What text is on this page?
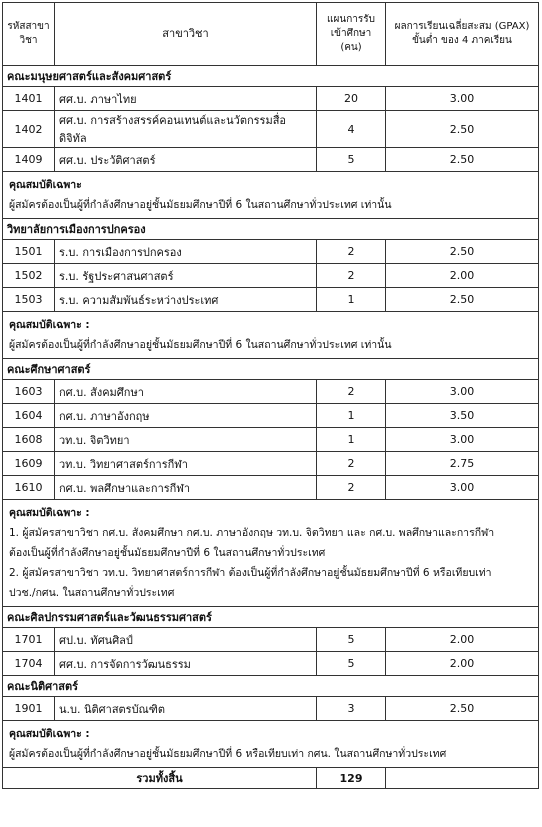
รหัสสาขาวิชา	สาขาวิชา	แผนการรับเข้าศึกษา (คน)	ผลการเรียนเฉลี่ยสะสม (GPAX) ขั้นต่ำ ของ 4 ภาคเรียน
คณะมนุษยศาสตร์และสังคมศาสตร์			
1401	ศศ.บ. ภาษาไทย	20	3.00
1402	ศศ.บ. การสร้างสรรค์คอนเทนต์และนวัตกรรมสื่อดิจิทัล	4	2.50
1409	ศศ.บ. ประวัติศาสตร์	5	2.50

คุณสมบัติเฉพาะ
ผู้สมัครต้องเป็นผู้ที่กำลังศึกษาอยู่ชั้นมัธยมศึกษาปีที่ 6 ในสถานศึกษาทั่วประเทศ เท่านั้น			

วิทยาลัยการเมืองการปกครอง			
1501	ร.บ. การเมืองการปกครอง	2	2.50
1502	ร.บ. รัฐประศาสนศาสตร์	2	2.00
1503	ร.บ. ความสัมพันธ์ระหว่างประเทศ	1	2.50

คุณสมบัติเฉพาะ :
ผู้สมัครต้องเป็นผู้ที่กำลังศึกษาอยู่ชั้นมัธยมศึกษาปีที่ 6 ในสถานศึกษาทั่วประเทศ เท่านั้น			

คณะศึกษาศาสตร์			
1603	กศ.บ. สังคมศึกษา	2	3.00
1604	กศ.บ. ภาษาอังกฤษ	1	3.50
1608	วท.บ. จิตวิทยา	1	3.00
1609	วท.บ. วิทยาศาสตร์การกีฬา	2	2.75
1610	กศ.บ. พลศึกษาและการกีฬา	2	3.00

คุณสมบัติเฉพาะ :
1. ผู้สมัครสาขาวิชา กศ.บ. สังคมศึกษา กศ.บ. ภาษาอังกฤษ วท.บ. จิตวิทยา และ กศ.บ. พลศึกษาและการกีฬา
ต้องเป็นผู้ที่กำลังศึกษาอยู่ชั้นมัธยมศึกษาปีที่ 6 ในสถานศึกษาทั่วประเทศ
2. ผู้สมัครสาขาวิชา วท.บ. วิทยาศาสตร์การกีฬา ต้องเป็นผู้ที่กำลังศึกษาอยู่ชั้นมัธยมศึกษาปีที่ 6 หรือเทียบเท่า
ปวช./กศน. ในสถานศึกษาทั่วประเทศ			

คณะศิลปกรรมศาสตร์และวัฒนธรรมศาสตร์			
1701	ศป.บ. ทัศนศิลป์	5	2.00
1704	ศศ.บ. การจัดการวัฒนธรรม	5	2.00
คณะนิติศาสตร์			
1901	น.บ. นิติศาสตรบัณฑิต	3	2.50

คุณสมบัติเฉพาะ :
ผู้สมัครต้องเป็นผู้ที่กำลังศึกษาอยู่ชั้นมัธยมศึกษาปีที่ 6 หรือเทียบเท่า กศน. ในสถานศึกษาทั่วประเทศ			

รวมทั้งสิ้น		129	
